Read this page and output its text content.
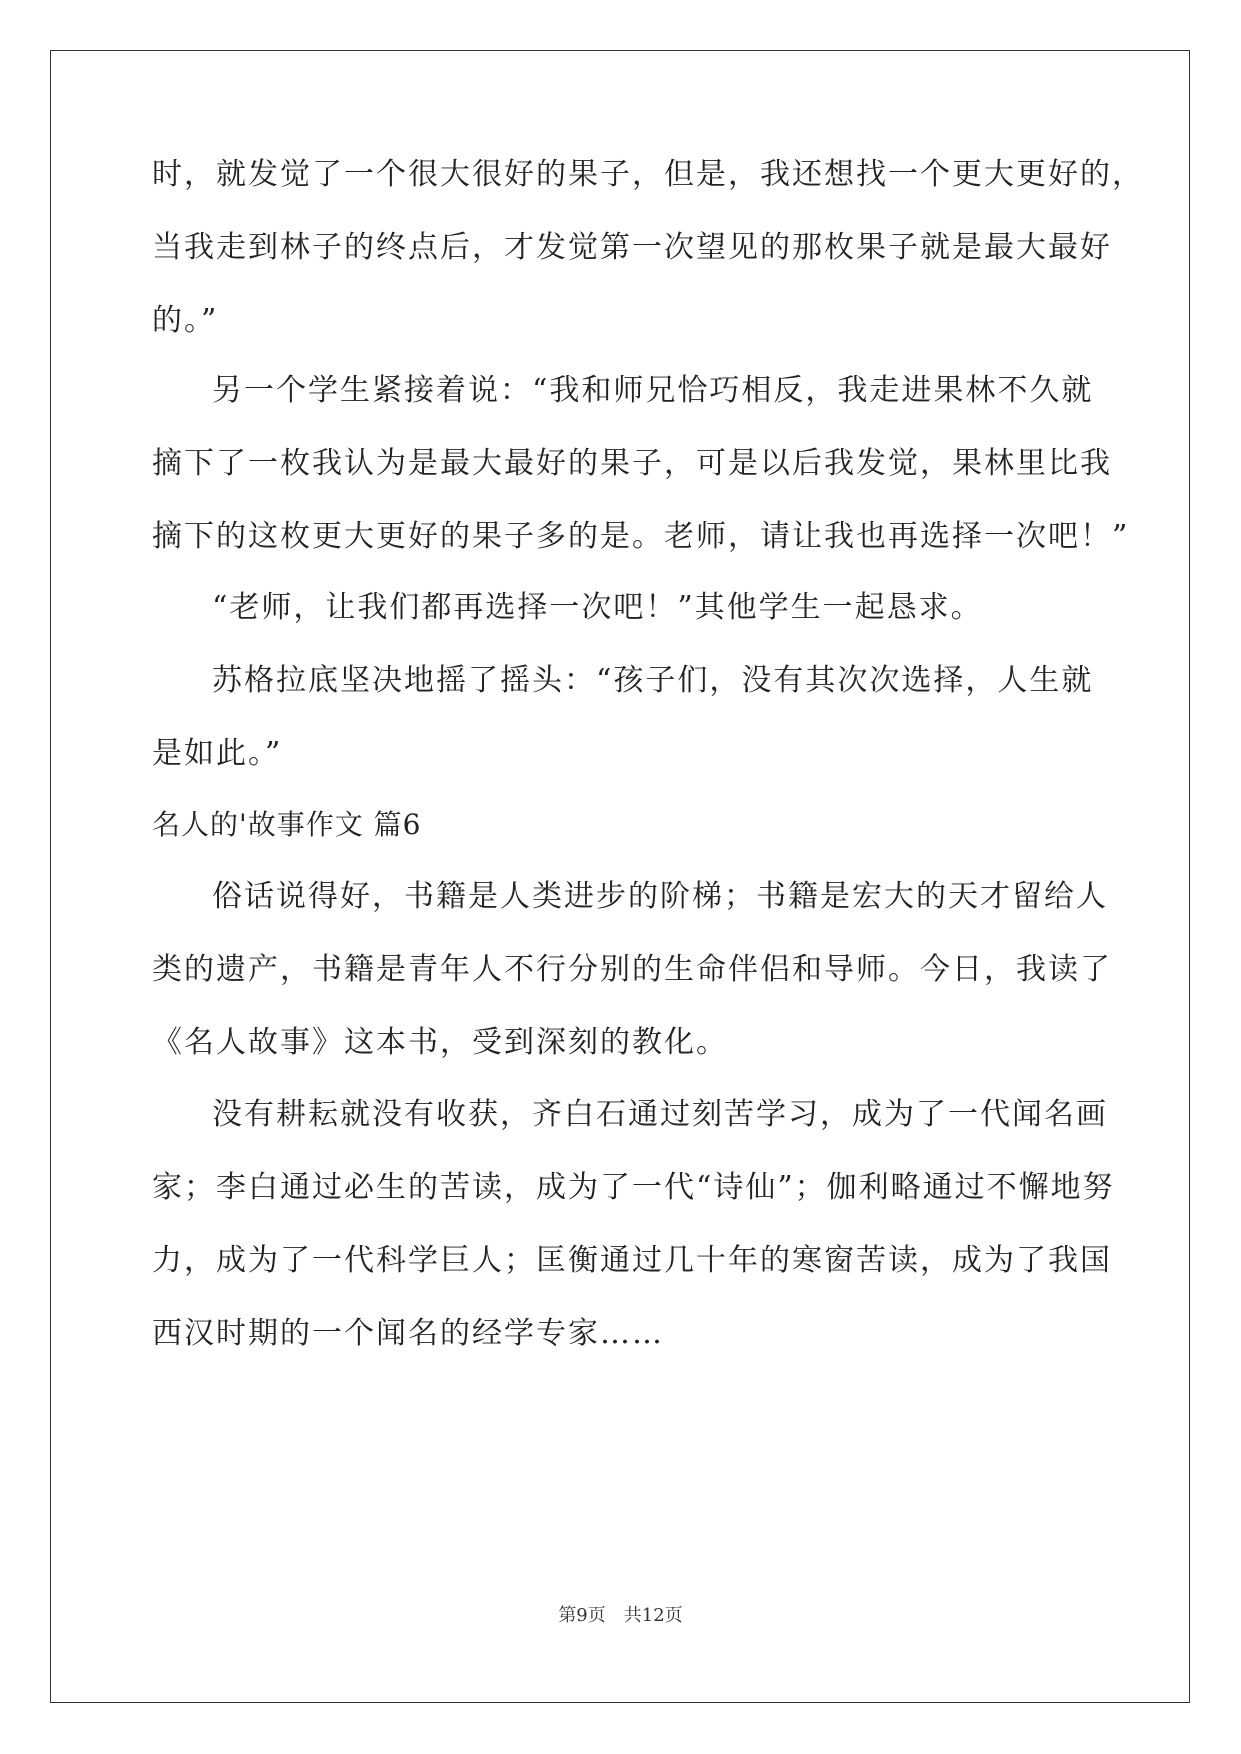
时，就发觉了一个很大很好的果子，但是，我还想找一个更大更好的，
当我走到林子的终点后，才发觉第一次望见的那枚果子就是最大最好
的。”
另一个学生紧接着说：“我和师兄恰巧相反，我走进果林不久就
摘下了一枚我认为是最大最好的果子，可是以后我发觉，果林里比我
摘下的这枚更大更好的果子多的是。老师，请让我也再选择一次吧！”
“老师，让我们都再选择一次吧！”其他学生一起恳求。
苏格拉底坚决地摇了摇头：“孩子们，没有其次次选择，人生就
是如此。”
名人的'故事作文 篇6
俗话说得好，书籍是人类进步的阶梯；书籍是宏大的天才留给人
类的遗产，书籍是青年人不行分别的生命伴侣和导师。今日，我读了
《名人故事》这本书，受到深刻的教化。
没有耕耘就没有收获，齐白石通过刻苦学习，成为了一代闻名画
家；李白通过必生的苦读，成为了一代“诗仙”；伽利略通过不懈地努
力，成为了一代科学巨人；匡衡通过几十年的寒窗苦读，成为了我国
西汉时期的一个闻名的经学专家……
第9页 共12页
